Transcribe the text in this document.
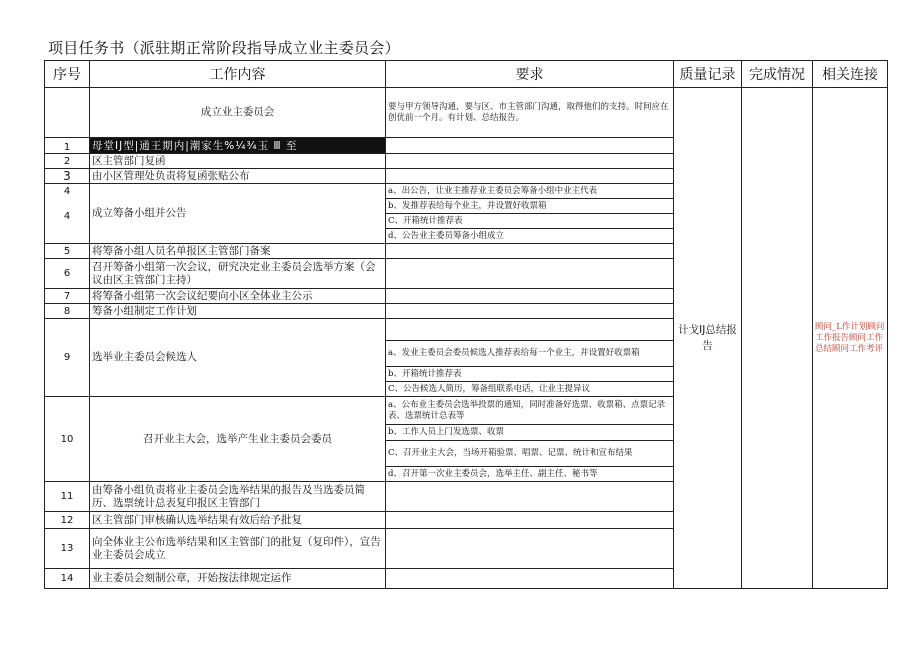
项目任务书（派驻期正常阶段指导成立业主委员会）
序号	工作内容	要求	质量记录	完成情况	相关连接
	成立业主委员会	要与甲方领导沟通，要与区、市主管部门沟通，取得他们的支持。时间应在创优前一个月。有计划、总结报告。	计戈IJ总结报告		顾问_L作计划顾问工作报告顾问工作总结顾问工作考评
1	母堂IJ型|通王期内|潮家生%¼¾玉 Ⅲ 至				
2	区主管部门复函				
3	由小区管理处负责将复函张贴公布				

4
4	成立筹备小组并公告	a、出公告，让业主推荐业主委员会筹备小组中业主代表			
		b、发推荐表给每个业主，并设置好收票箱			
		C、开箱统计推荐表			
		d、公告业主委员筹备小组成立			
5	将筹备小组人员名单报区主管部门备案				
6	召开筹备小组第一次会议，研究决定业主委员会选举方案（会议由区主管部门主持）				
7	将筹备小组第一次会议纪要向小区全体业主公示				
8	筹备小组制定工作计划				
9	选举业主委员会候选人				
		a、发业主委员会委员候选人推荐表给每一个业主，并设置好收票箱			
		b、开箱统计推荐表			
		C、公告候选人简历，筹备组联系电话，让业主提异议			
10	召开业主大会，选举产生业主委员会委员	a、公布业主委员会选举投票的通知，同时准备好选票、收票箱、点票记录表、选票统计总表等			
		b、工作人员上门发选票、收票			
		C、召开业主大会，当场开箱验票、唱票、记票、统计和宣布结果			
		d、召开第一次业主委员会，选举主任、副主任、秘书等			
11	由筹备小组负责将业主委员会选举结果的报告及当选委员简历、选票统计总表复印报区主管部门				
12	区主管部门审核确认选举结果有效后给予批复				
13	向全体业主公布选举结果和区主管部门的批复（复印件），宣告业主委员会成立				
14	业主委员会刻制公章，开始按法律规定运作				
